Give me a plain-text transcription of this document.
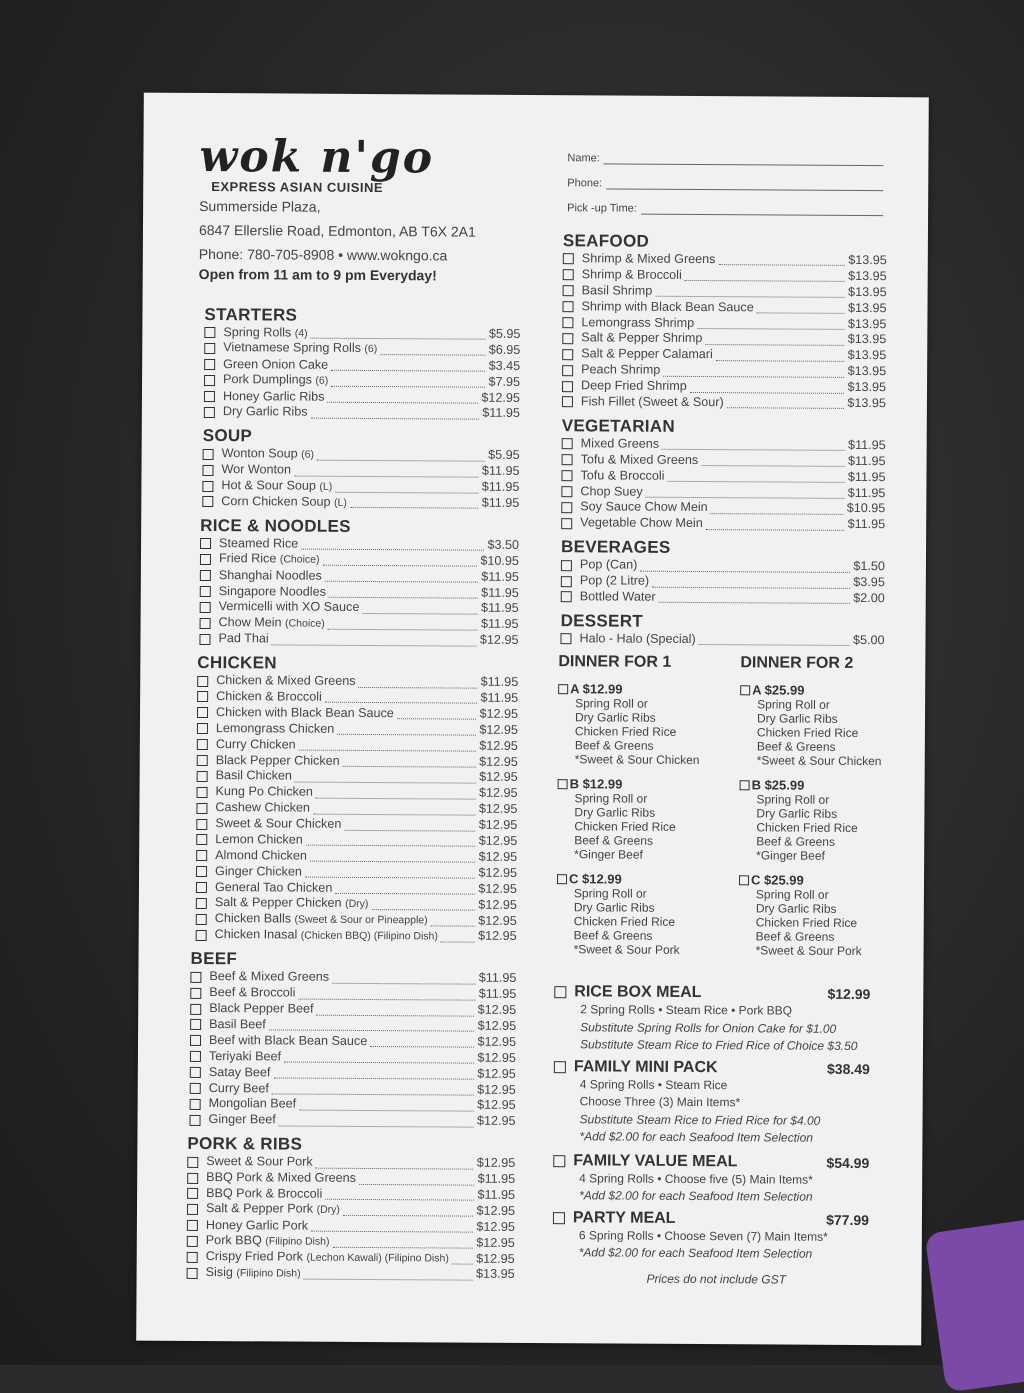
wok n'go
EXPRESS ASIAN CUISINE
Summerside Plaza,
6847 Ellerslie Road, Edmonton, AB T6X 2A1
Phone: 780-705-8908 • www.wokngo.ca
Open from 11 am to 9 pm Everyday!
STARTERS
Spring Rolls (4)	$5.95
Vietnamese Spring Rolls (6)	$6.95
Green Onion Cake	$3.45
Pork Dumplings (6)	$7.95
Honey Garlic Ribs	$12.95
Dry Garlic Ribs	$11.95
SOUP
Wonton Soup (6)	$5.95
Wor Wonton	$11.95
Hot & Sour Soup (L)	$11.95
Corn Chicken Soup (L)	$11.95
RICE & NOODLES
Steamed Rice	$3.50
Fried Rice (Choice)	$10.95
Shanghai Noodles	$11.95
Singapore Noodles	$11.95
Vermicelli with XO Sauce	$11.95
Chow Mein (Choice)	$11.95
Pad Thai	$12.95
CHICKEN
Chicken & Mixed Greens	$11.95
Chicken & Broccoli	$11.95
Chicken with Black Bean Sauce	$12.95
Lemongrass Chicken	$12.95
Curry Chicken	$12.95
Black Pepper Chicken	$12.95
Basil Chicken	$12.95
Kung Po Chicken	$12.95
Cashew Chicken	$12.95
Sweet & Sour Chicken	$12.95
Lemon Chicken	$12.95
Almond Chicken	$12.95
Ginger Chicken	$12.95
General Tao Chicken	$12.95
Salt & Pepper Chicken (Dry)	$12.95
Chicken Balls (Sweet & Sour or Pineapple)	$12.95
Chicken Inasal (Chicken BBQ) (Filipino Dish)	$12.95
BEEF
Beef & Mixed Greens	$11.95
Beef & Broccoli	$11.95
Black Pepper Beef	$12.95
Basil Beef	$12.95
Beef with Black Bean Sauce	$12.95
Teriyaki Beef	$12.95
Satay Beef	$12.95
Curry Beef	$12.95
Mongolian Beef	$12.95
Ginger Beef	$12.95
PORK & RIBS
Sweet & Sour Pork	$12.95
BBQ Pork & Mixed Greens	$11.95
BBQ Pork & Broccoli	$11.95
Salt & Pepper Pork (Dry)	$12.95
Honey Garlic Pork	$12.95
Pork BBQ (Filipino Dish)	$12.95
Crispy Fried Pork (Lechon Kawali) (Filipino Dish) $12.95
Sisig (Filipino Dish)	$13.95
Name:
Phone:
Pick -up Time:
SEAFOOD
Shrimp & Mixed Greens	$13.95
Shrimp & Broccoli	$13.95
Basil Shrimp	$13.95
Shrimp with Black Bean Sauce	$13.95
Lemongrass Shrimp	$13.95
Salt & Pepper Shrimp	$13.95
Salt & Pepper Calamari	$13.95
Peach Shrimp	$13.95
Deep Fried Shrimp	$13.95
Fish Fillet (Sweet & Sour)	$13.95
VEGETARIAN
Mixed Greens	$11.95
Tofu & Mixed Greens	$11.95
Tofu & Broccoli	$11.95
Chop Suey	$11.95
Soy Sauce Chow Mein	$10.95
Vegetable Chow Mein	$11.95
BEVERAGES
Pop (Can)	$1.50
Pop (2 Litre)	$3.95
Bottled Water	$2.00
DESSERT
Halo - Halo (Special)	$5.00
DINNER FOR 1
A $12.99
Spring Roll or
Dry Garlic Ribs
Chicken Fried Rice
Beef & Greens
*Sweet & Sour Chicken
B $12.99
Spring Roll or
Dry Garlic Ribs
Chicken Fried Rice
Beef & Greens
*Ginger Beef
C $12.99
Spring Roll or
Dry Garlic Ribs
Chicken Fried Rice
Beef & Greens
*Sweet & Sour Pork
DINNER FOR 2
A $25.99
Spring Roll or
Dry Garlic Ribs
Chicken Fried Rice
Beef & Greens
*Sweet & Sour Chicken
B $25.99
Spring Roll or
Dry Garlic Ribs
Chicken Fried Rice
Beef & Greens
*Ginger Beef
C $25.99
Spring Roll or
Dry Garlic Ribs
Chicken Fried Rice
Beef & Greens
*Sweet & Sour Pork
RICE BOX MEAL	$12.99
2 Spring Rolls • Steam Rice • Pork BBQ
Substitute Spring Rolls for Onion Cake for $1.00
Substitute Steam Rice to Fried Rice of Choice $3.50
FAMILY MINI PACK	$38.49
4 Spring Rolls • Steam Rice
Choose Three (3) Main Items*
Substitute Steam Rice to Fried Rice for $4.00
*Add $2.00 for each Seafood Item Selection
FAMILY VALUE MEAL	$54.99
4 Spring Rolls • Choose five (5) Main Items*
*Add $2.00 for each Seafood Item Selection
PARTY MEAL	$77.99
6 Spring Rolls • Choose Seven (7) Main Items*
*Add $2.00 for each Seafood Item Selection
Prices do not include GST
